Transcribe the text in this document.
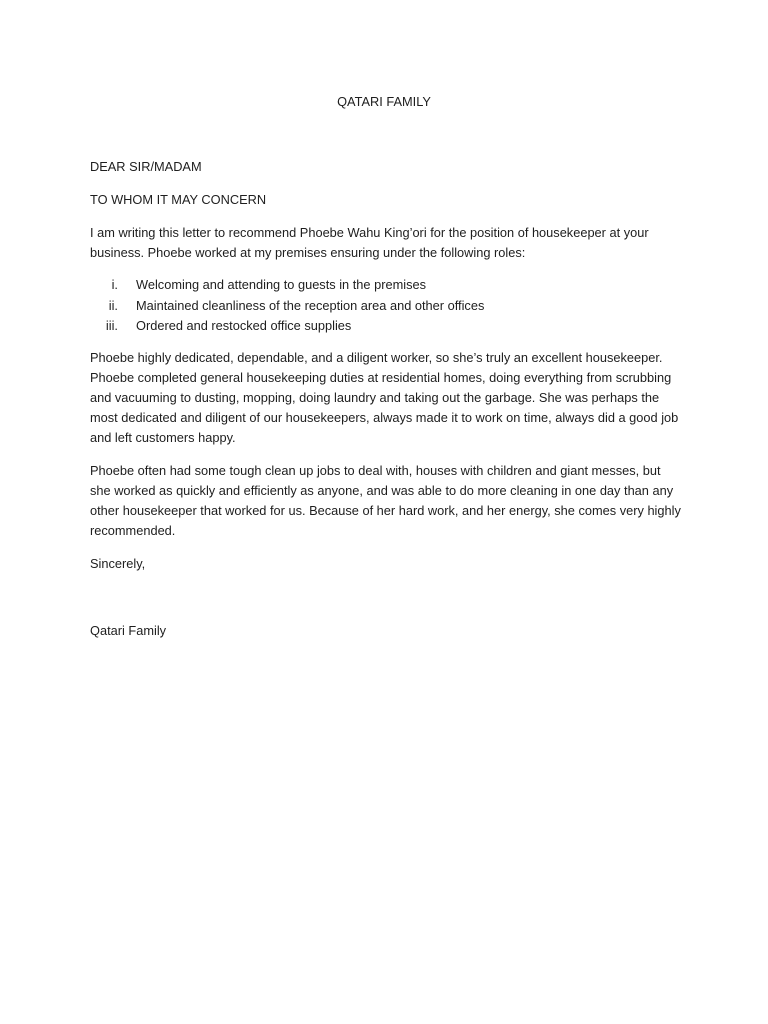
QATARI FAMILY

DEAR SIR/MADAM

TO WHOM IT MAY CONCERN

I am writing this letter to recommend Phoebe Wahu King’ori for the position of housekeeper at your business. Phoebe worked at my premises ensuring under the following roles:

i. Welcoming and attending to guests in the premises
ii. Maintained cleanliness of the reception area and other offices
iii. Ordered and restocked office supplies

Phoebe highly dedicated, dependable, and a diligent worker, so she’s truly an excellent housekeeper. Phoebe completed general housekeeping duties at residential homes, doing everything from scrubbing and vacuuming to dusting, mopping, doing laundry and taking out the garbage. She was perhaps the most dedicated and diligent of our housekeepers, always made it to work on time, always did a good job and left customers happy.

Phoebe often had some tough clean up jobs to deal with, houses with children and giant messes, but she worked as quickly and efficiently as anyone, and was able to do more cleaning in one day than any other housekeeper that worked for us. Because of her hard work, and her energy, she comes very highly recommended.

Sincerely,

Qatari Family
